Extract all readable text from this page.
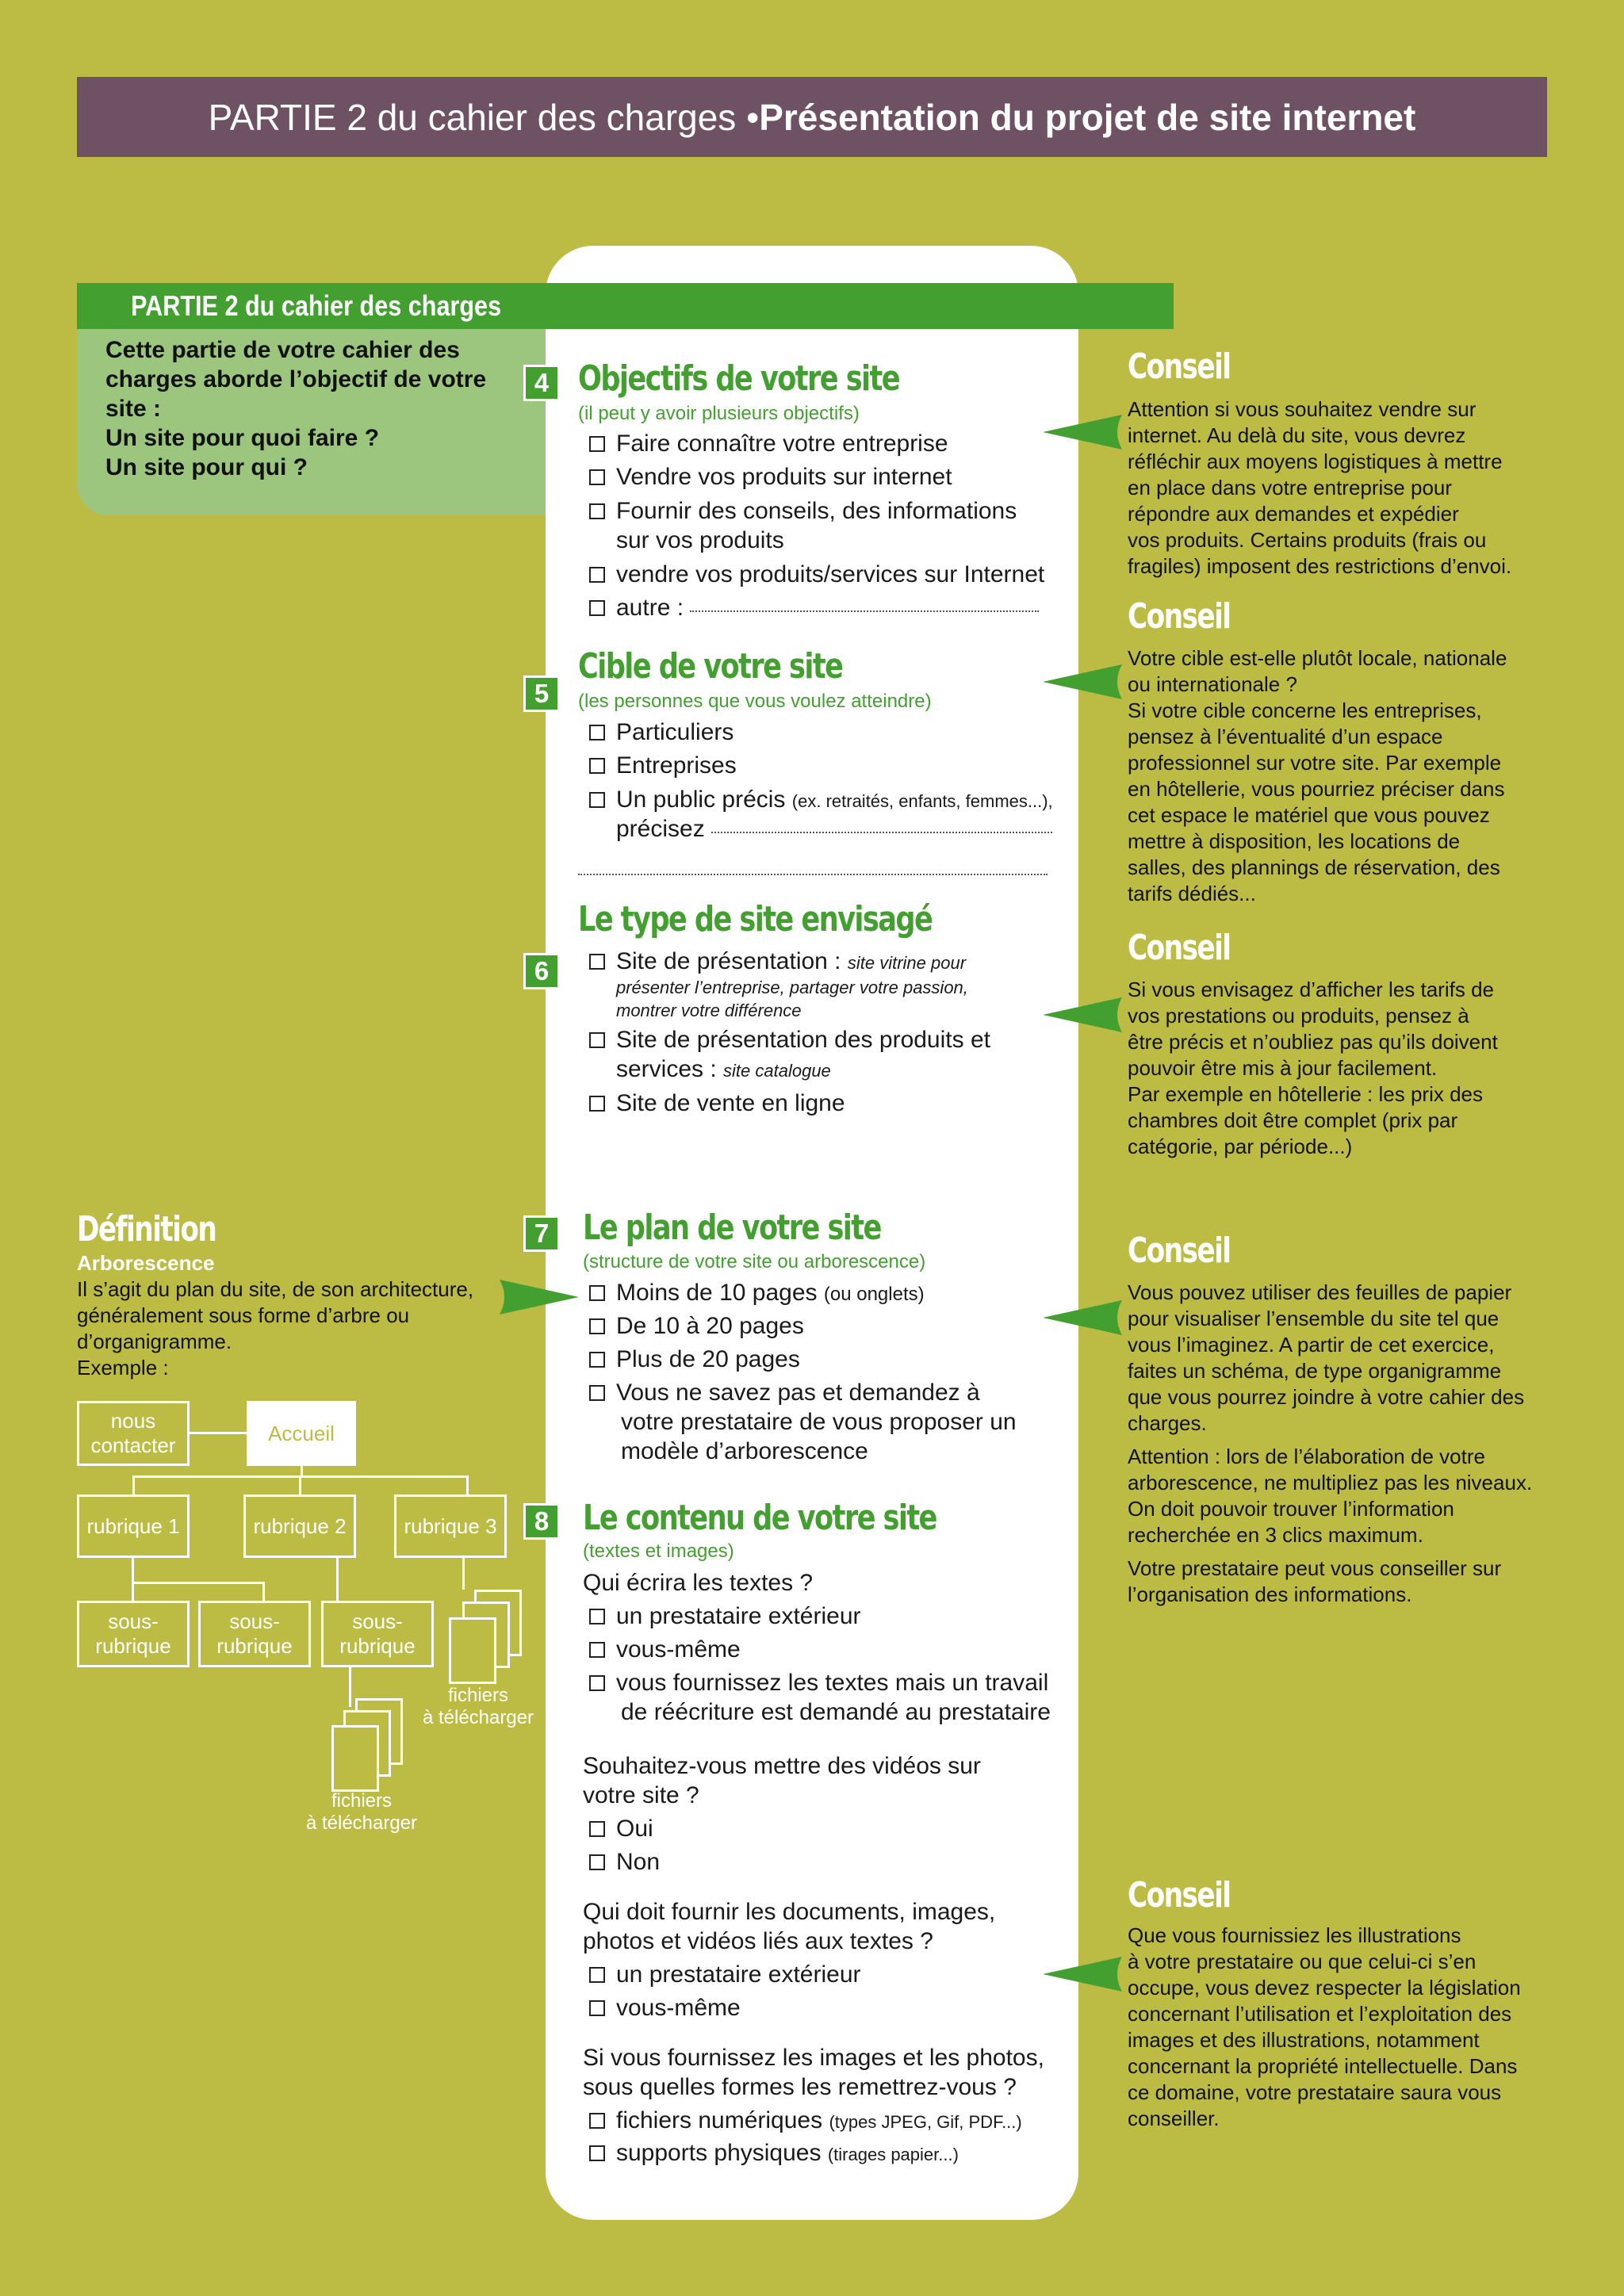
PARTIE 2 du cahier des charges • Présentation du projet de site internet
PARTIE 2 du cahier des charges
Cette partie de votre cahier des
charges aborde l’objectif de votre
site :
Un site pour quoi faire ?
Un site pour qui ?
4 Objectifs de votre site
(il peut y avoir plusieurs objectifs)
Faire connaître votre entreprise
Vendre vos produits sur internet
Fournir des conseils, des informations
sur vos produits
vendre vos produits/services sur Internet
autre :
5
Cible de votre site
(les personnes que vous voulez atteindre)
Particuliers
Entreprises
Un public précis (ex. retraités, enfants, femmes...),
précisez
6
Le type de site envisagé
Site de présentation : site vitrine pour
présenter l’entreprise, partager votre passion,
montrer votre différence
Site de présentation des produits et
services : site catalogue
Site de vente en ligne
7 Le plan de votre site
(structure de votre site ou arborescence)
Moins de 10 pages (ou onglets)
De 10 à 20 pages
Plus de 20 pages
Vous ne savez pas et demandez à
votre prestataire de vous proposer un
modèle d’arborescence
8 Le contenu de votre site
(textes et images)
Qui écrira les textes ?
un prestataire extérieur
vous-même
vous fournissez les textes mais un travail
de réécriture est demandé au prestataire
Souhaitez-vous mettre des vidéos sur
votre site ?
Oui
Non
Qui doit fournir les documents, images,
photos et vidéos liés aux textes ?
un prestataire extérieur
vous-même
Si vous fournissez les images et les photos,
sous quelles formes les remettrez-vous ?
fichiers numériques (types JPEG, Gif, PDF...)
supports physiques (tirages papier...)
Conseil
Attention si vous souhaitez vendre sur
internet. Au delà du site, vous devrez
réfléchir aux moyens logistiques à mettre
en place dans votre entreprise pour
répondre aux demandes et expédier
vos produits. Certains produits (frais ou
fragiles) imposent des restrictions d’envoi.
Conseil
Votre cible est-elle plutôt locale, nationale
ou internationale ?
Si votre cible concerne les entreprises,
pensez à l’éventualité d’un espace
professionnel sur votre site. Par exemple
en hôtellerie, vous pourriez préciser dans
cet espace le matériel que vous pouvez
mettre à disposition, les locations de
salles, des plannings de réservation, des
tarifs dédiés...
Conseil
Si vous envisagez d’afficher les tarifs de
vos prestations ou produits, pensez à
être précis et n’oubliez pas qu’ils doivent
pouvoir être mis à jour facilement.
Par exemple en hôtellerie : les prix des
chambres doit être complet (prix par
catégorie, par période...)
Conseil
Vous pouvez utiliser des feuilles de papier
pour visualiser l’ensemble du site tel que
vous l’imaginez. A partir de cet exercice,
faites un schéma, de type organigramme
que vous pourrez joindre à votre cahier des
charges.
Attention : lors de l’élaboration de votre
arborescence, ne multipliez pas les niveaux.
On doit pouvoir trouver l’information
recherchée en 3 clics maximum.
Votre prestataire peut vous conseiller sur
l’organisation des informations.
Conseil
Que vous fournissiez les illustrations
à votre prestataire ou que celui-ci s’en
occupe, vous devez respecter la législation
concernant l’utilisation et l’exploitation des
images et des illustrations, notamment
concernant la propriété intellectuelle. Dans
ce domaine, votre prestataire saura vous
conseiller.
Définition
Arborescence
Il s’agit du plan du site, de son architecture,
généralement sous forme d’arbre ou
d’organigramme.
Exemple :
nous
contacter
Accueil
rubrique 1	rubrique 2	rubrique 3
sous-
rubrique
sous-
rubrique
sous-
rubrique
fichiers
à télécharger
fichiers
à télécharger
